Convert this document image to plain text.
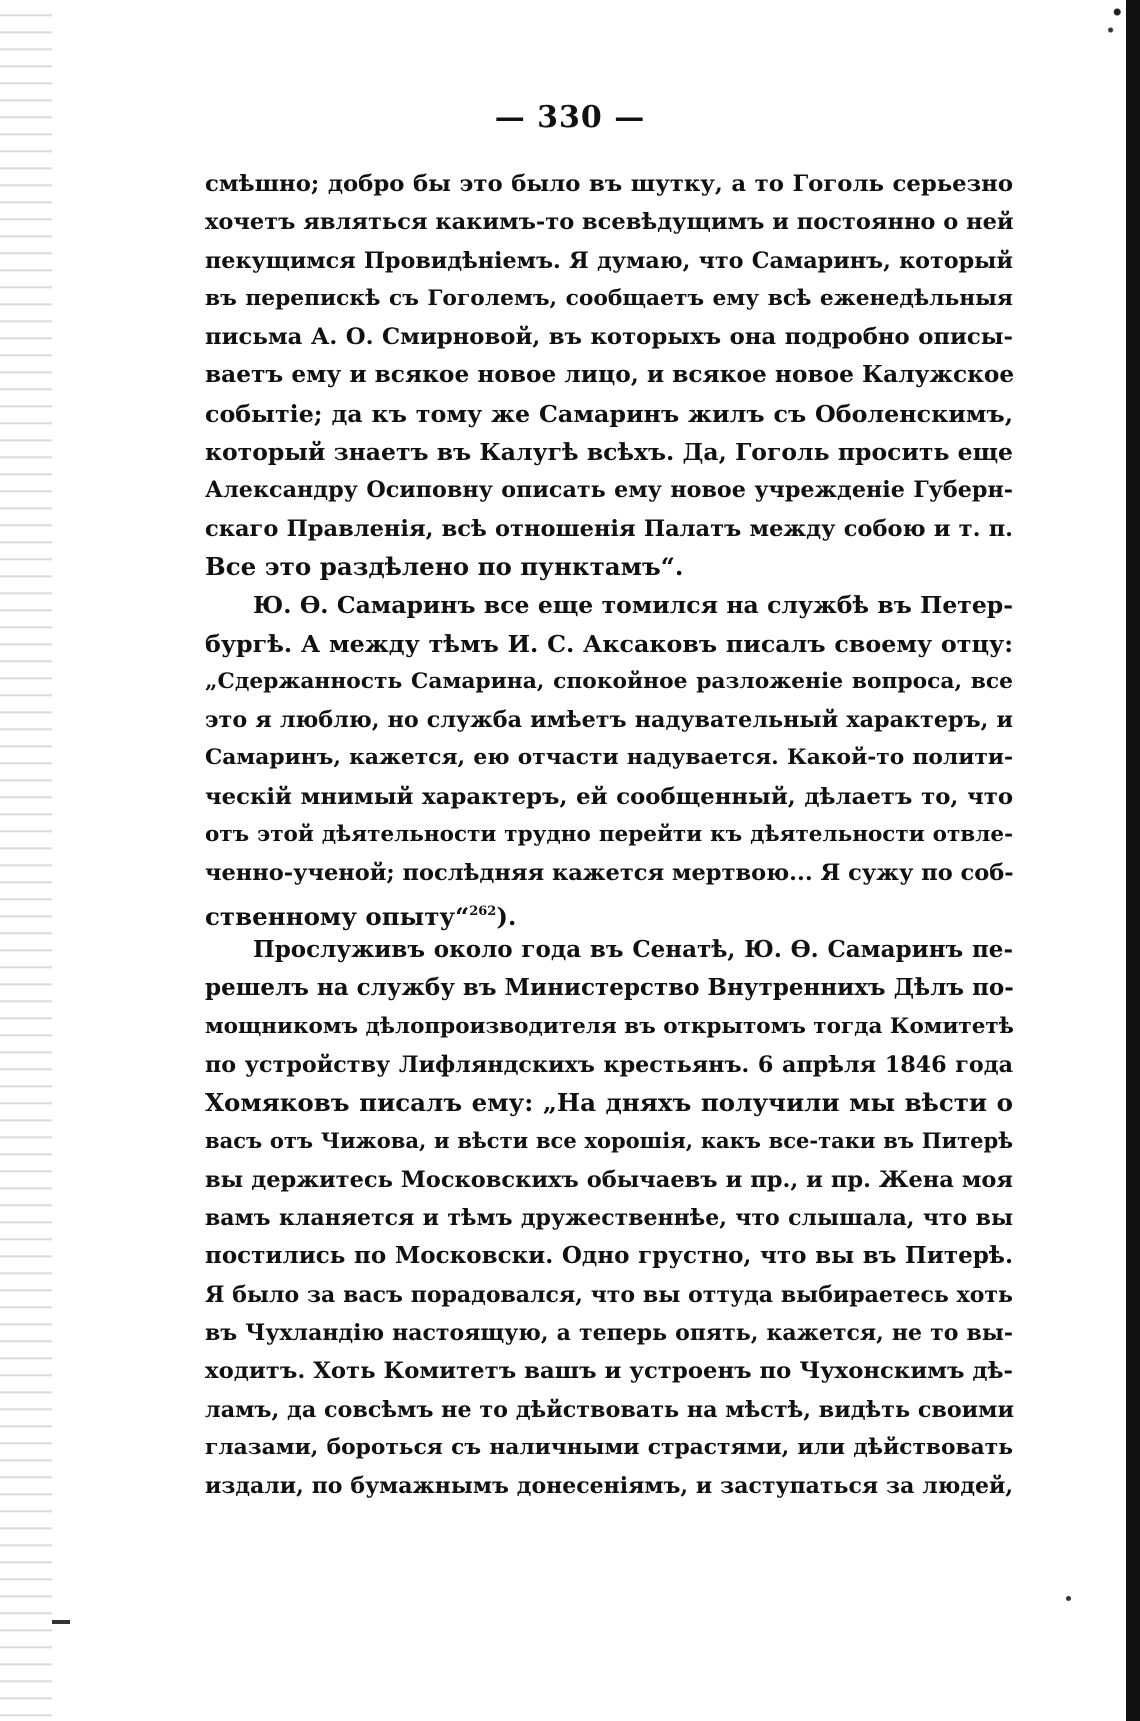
— 330 —
смѣшно; добро бы это было въ шутку, а то Гоголь серьезно
хочетъ являться какимъ-то всевѣдущимъ и постоянно о ней
пекущимся Провидѣніемъ. Я думаю, что Самаринъ, который
въ перепискѣ съ Гоголемъ, сообщаетъ ему всѣ еженедѣльныя
письма А. О. Смирновой, въ которыхъ она подробно описы-
ваетъ ему и всякое новое лицо, и всякое новое Калужское
событіе; да къ тому же Самаринъ жилъ съ Оболенскимъ,
который знаетъ въ Калугѣ всѣхъ. Да, Гоголь просить еще
Александру Осиповну описать ему новое учрежденіе Губерн-
скаго Правленія, всѣ отношенія Палатъ между собою и т. п.
Все это раздѣлено по пунктамъ“.
Ю. Ѳ. Самаринъ все еще томился на службѣ въ Петер-
бургѣ. А между тѣмъ И. С. Аксаковъ писалъ своему отцу:
„Сдержанность Самарина, спокойное разложеніе вопроса, все
это я люблю, но служба имѣетъ надувательный характеръ, и
Самаринъ, кажется, ею отчасти надувается. Какой-то полити-
ческій мнимый характеръ, ей сообщенный, дѣлаетъ то, что
отъ этой дѣятельности трудно перейти къ дѣятельности отвле-
ченно-ученой; послѣдняя кажется мертвою... Я сужу по соб-
ственному опыту“$^{262}$).
Прослуживъ около года въ Сенатѣ, Ю. Ѳ. Самаринъ пе-
решелъ на службу въ Министерство Внутреннихъ Дѣлъ по-
мощникомъ дѣлопроизводителя въ открытомъ тогда Комитетѣ
по устройству Лифляндскихъ крестьянъ. 6 апрѣля 1846 года
Хомяковъ писалъ ему: „На дняхъ получили мы вѣсти о
васъ отъ Чижова, и вѣсти все хорошія, какъ все-таки въ Питерѣ
вы держитесь Московскихъ обычаевъ и пр., и пр. Жена моя
вамъ кланяется и тѣмъ дружественнѣе, что слышала, что вы
постились по Московски. Одно грустно, что вы въ Питерѣ.
Я было за васъ порадовался, что вы оттуда выбираетесь хоть
въ Чухландію настоящую, а теперь опять, кажется, не то вы-
ходитъ. Хоть Комитетъ вашъ и устроенъ по Чухонскимъ дѣ-
ламъ, да совсѣмъ не то дѣйствовать на мѣстѣ, видѣть своими
глазами, бороться съ наличными страстями, или дѣйствовать
издали, по бумажнымъ донесеніямъ, и заступаться за людей,
